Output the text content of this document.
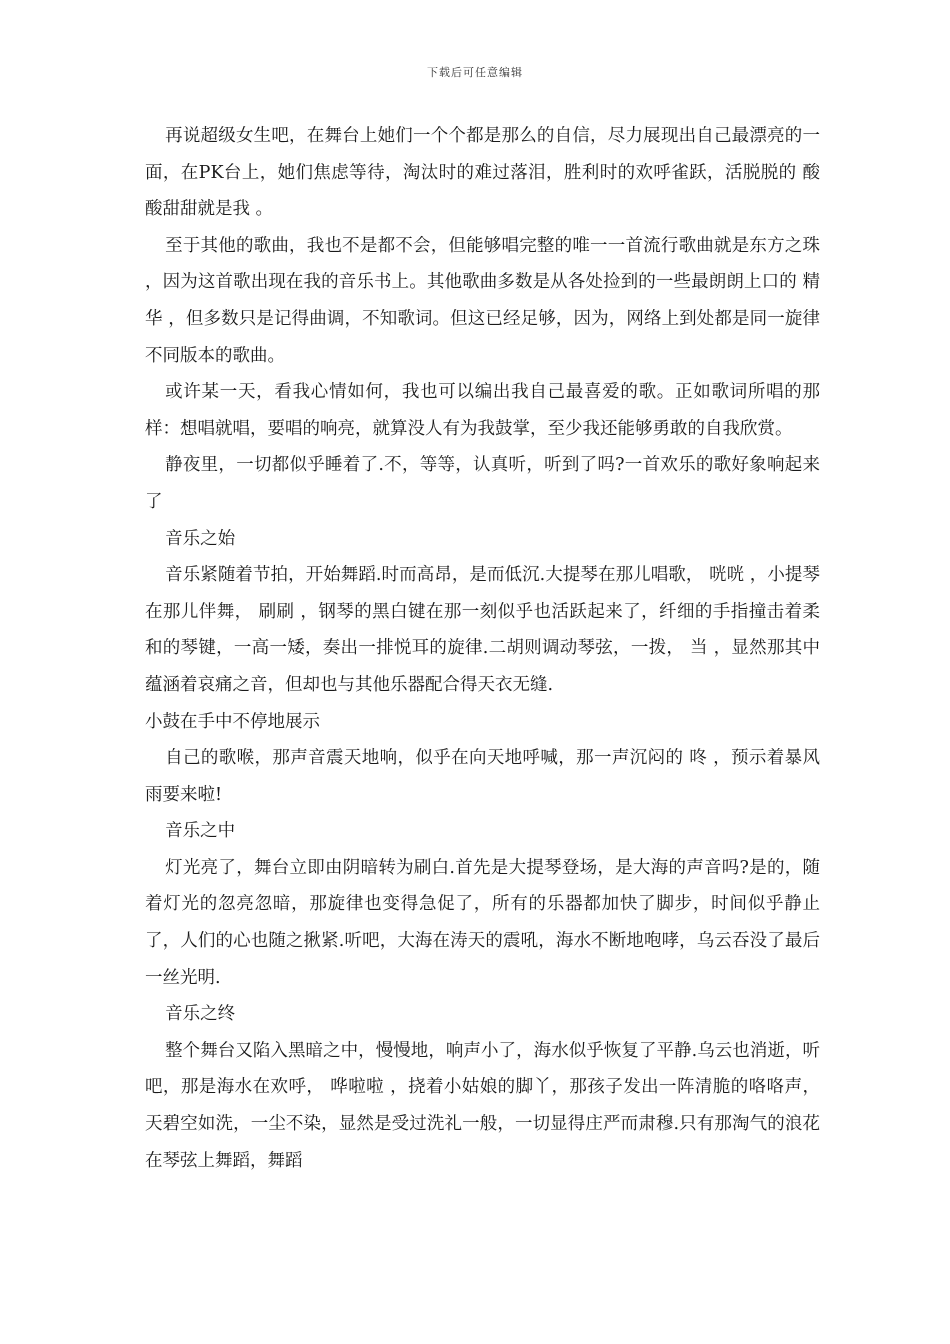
下载后可任意编辑

再说超级女生吧，在舞台上她们一个个都是那么的自信，尽力展现出自己最漂亮的一面，在PK台上，她们焦虑等待，淘汰时的难过落泪，胜利时的欢呼雀跃，活脱脱的 酸酸甜甜就是我 。

至于其他的歌曲，我也不是都不会，但能够唱完整的唯一一首流行歌曲就是东方之珠 ，因为这首歌出现在我的音乐书上。其他歌曲多数是从各处捡到的一些最朗朗上口的 精华 ，但多数只是记得曲调，不知歌词。但这已经足够，因为，网络上到处都是同一旋律不同版本的歌曲。

或许某一天，看我心情如何，我也可以编出我自己最喜爱的歌。正如歌词所唱的那样：想唱就唱，要唱的响亮，就算没人有为我鼓掌，至少我还能够勇敢的自我欣赏。

静夜里，一切都似乎睡着了.不，等等，认真听，听到了吗?一首欢乐的歌好象响起来了

音乐之始

音乐紧随着节拍，开始舞蹈.时而高昂，是而低沉.大提琴在那儿唱歌， 咣咣 ，小提琴在那儿伴舞， 刷刷 ，钢琴的黑白键在那一刻似乎也活跃起来了，纤细的手指撞击着柔和的琴键，一高一矮，奏出一排悦耳的旋律.二胡则调动琴弦，一拨， 当 ，显然那其中蕴涵着哀痛之音，但却也与其他乐器配合得天衣无缝.

小鼓在手中不停地展示

自己的歌喉，那声音震天地响，似乎在向天地呼喊，那一声沉闷的 咚 ，预示着暴风雨要来啦!

音乐之中

灯光亮了，舞台立即由阴暗转为刷白.首先是大提琴登场，是大海的声音吗?是的，随着灯光的忽亮忽暗，那旋律也变得急促了，所有的乐器都加快了脚步，时间似乎静止了，人们的心也随之揪紧.听吧，大海在涛天的震吼，海水不断地咆哮，乌云吞没了最后一丝光明.

音乐之终

整个舞台又陷入黑暗之中，慢慢地，响声小了，海水似乎恢复了平静.乌云也消逝，听吧，那是海水在欢呼， 哗啦啦 ，挠着小姑娘的脚丫，那孩子发出一阵清脆的咯咯声，天碧空如洗，一尘不染，显然是受过洗礼一般，一切显得庄严而肃穆.只有那淘气的浪花在琴弦上舞蹈，舞蹈
